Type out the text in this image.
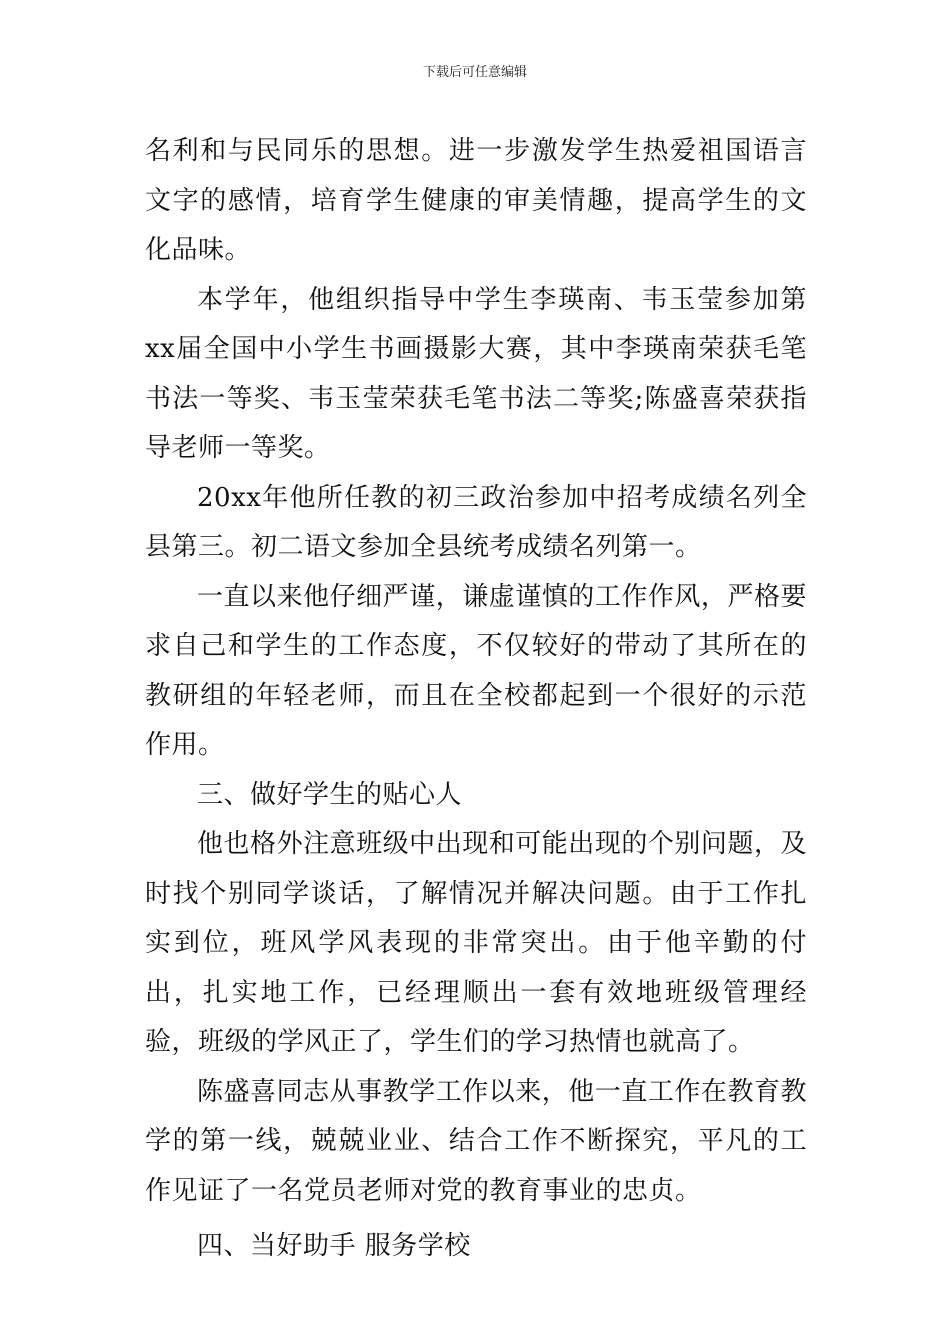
下载后可任意编辑

名利和与民同乐的思想。进一步激发学生热爱祖国语言文字的感情，培育学生健康的审美情趣，提高学生的文化品味。

本学年，他组织指导中学生李瑛南、韦玉莹参加第xx届全国中小学生书画摄影大赛，其中李瑛南荣获毛笔书法一等奖、韦玉莹荣获毛笔书法二等奖;陈盛喜荣获指导老师一等奖。

20xx年他所任教的初三政治参加中招考成绩名列全县第三。初二语文参加全县统考成绩名列第一。

一直以来他仔细严谨，谦虚谨慎的工作作风，严格要求自己和学生的工作态度，不仅较好的带动了其所在的教研组的年轻老师，而且在全校都起到一个很好的示范作用。

三、做好学生的贴心人

他也格外注意班级中出现和可能出现的个别问题，及时找个别同学谈话，了解情况并解决问题。由于工作扎实到位，班风学风表现的非常突出。由于他辛勤的付出，扎实地工作，已经理顺出一套有效地班级管理经验，班级的学风正了，学生们的学习热情也就高了。

陈盛喜同志从事教学工作以来，他一直工作在教育教学的第一线，兢兢业业、结合工作不断探究，平凡的工作见证了一名党员老师对党的教育事业的忠贞。

四、当好助手 服务学校
